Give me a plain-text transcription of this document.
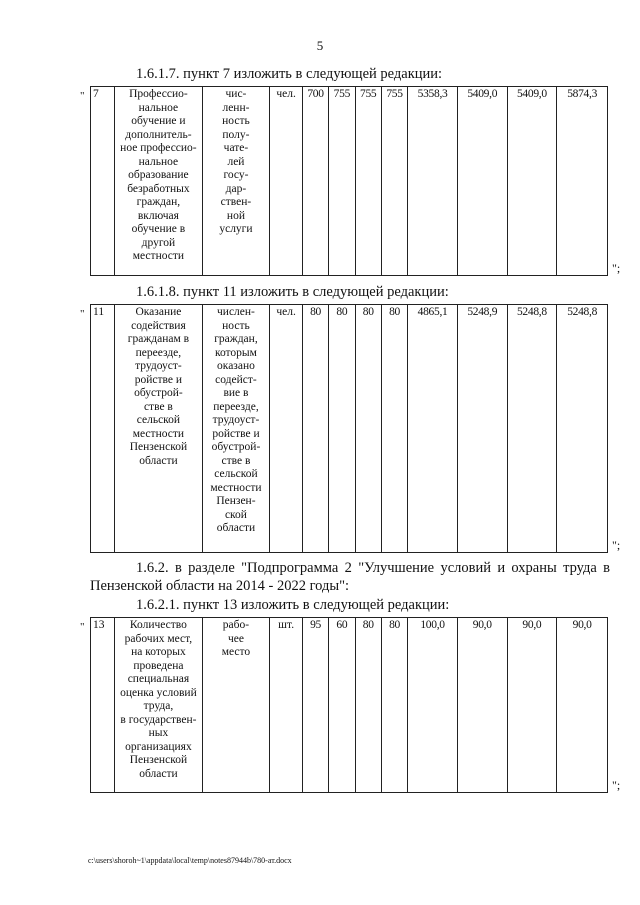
5
1.6.1.7. пункт 7 изложить в следующей редакции:
" 7	Профессио-
нальное
обучение и
дополнитель-
ное профессио-
нальное
образование
безработных
граждан,
включая
обучение в
другой
местности	чис-
ленн-
ность
полу-
чате-
лей
госу-
дар-
ствен-
ной
услуги	чел.	700	755	755	755	5358,3	5409,0	5409,0	5874,3
";
1.6.1.8. пункт 11 изложить в следующей редакции:
" 11	Оказание
содействия
гражданам в
переезде,
трудоуст-
ройстве и
обустрой-
стве в
сельской
местности
Пензенской
области	числен-
ность
граждан,
которым
оказано
содейст-
вие в
переезде,
трудоуст-
ройстве и
обустрой-
стве в
сельской
местности
Пензен-
ской
области	чел.	80	80	80	80	4865,1	5248,9	5248,8	5248,8
";
1.6.2. в разделе "Подпрограмма 2 "Улучшение условий и охраны труда в Пензенской области на 2014 - 2022 годы":
1.6.2.1. пункт 13 изложить в следующей редакции:
" 13	Количество
рабочих мест,
на которых
проведена
специальная
оценка условий
труда,
в государствен-
ных
организациях
Пензенской
области	рабо-
чее
место	шт.	95	60	80	80	100,0	90,0	90,0	90,0
";
c:\users\shoroh~1\appdata\local\temp\notes87944b\780-ат.docx
